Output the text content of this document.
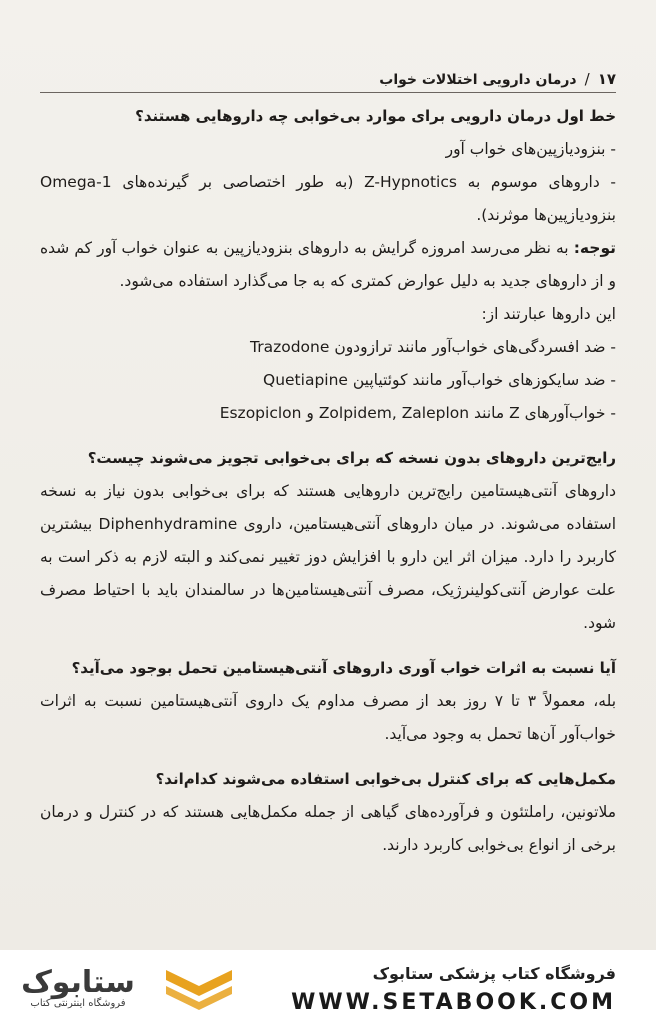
۱۷
/
درمان دارویی اختلالات خواب

خط اول درمان دارویی برای موارد بی‌خوابی چه داروهایی هستند؟

- بنزودیازپین‌های خواب آور

- داروهای موسوم به Z-Hypnotics (به طور اختصاصی بر گیرنده‌های Omega-1 بنزودیازپین‌ها موثرند).

توجه: به نظر می‌رسد امروزه گرایش به داروهای بنزودیازپین به عنوان خواب آور کم شده و از داروهای جدید به دلیل عوارض کمتری که به جا می‌گذارد استفاده می‌شود.

این داروها عبارتند از:

- ضد افسردگی‌های خواب‌آور مانند ترازودون Trazodone

- ضد سایکوزهای خواب‌آور مانند کوئتیاپین Quetiapine

- خواب‌آورهای Z مانند Zolpidem, Zaleplon و Eszopiclon

رایج‌ترین داروهای بدون نسخه که برای بی‌خوابی تجویز می‌شوند چیست؟

داروهای آنتی‌هیستامین رایج‌ترین داروهایی هستند که برای بی‌خوابی بدون نیاز به نسخه استفاده می‌شوند. در میان داروهای آنتی‌هیستامین، داروی Diphenhydramine بیشترین کاربرد را دارد. میزان اثر این دارو با افزایش دوز تغییر نمی‌کند و البته لازم به ذکر است به علت عوارض آنتی‌کولینرژیک، مصرف آنتی‌هیستامین‌ها در سالمندان باید با احتیاط مصرف شود.

آیا نسبت به اثرات خواب آوری داروهای آنتی‌هیستامین تحمل بوجود می‌آید؟

بله، معمولاً ۳ تا ۷ روز بعد از مصرف مداوم یک داروی آنتی‌هیستامین نسبت به اثرات خواب‌آور آن‌ها تحمل به وجود می‌آید.

مکمل‌هایی که برای کنترل بی‌خوابی استفاده می‌شوند کدام‌اند؟

ملاتونین، راملتئون و فرآورده‌های گیاهی از جمله مکمل‌هایی هستند که در کنترل و درمان برخی از انواع بی‌خوابی کاربرد دارند.

ستابوک
فروشگاه اینترنتی کتاب
فروشگاه کتاب پزشکی ستابوک
WWW.SETABOOK.COM
